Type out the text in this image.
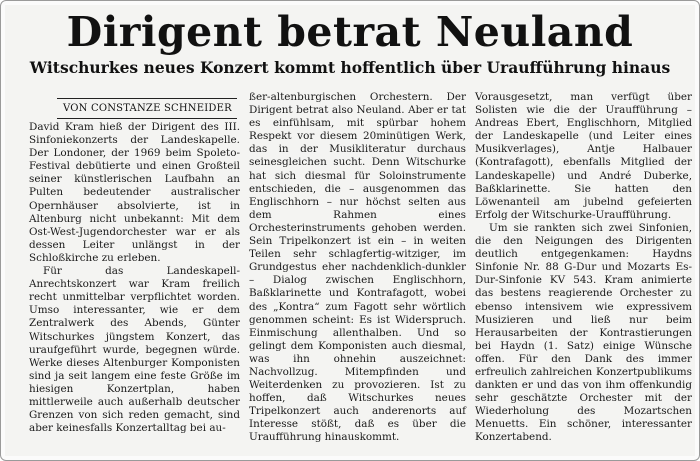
Dirigent betrat Neuland
Witschurkes neues Konzert kommt hoffentlich über Uraufführung hinaus
VON CONSTANZE SCHNEIDER

David Kram hieß der Dirigent des III. Sinfoniekonzerts der Landeskapelle. Der Londoner, der 1969 beim Spoleto-Festival debütierte und einen Großteil seiner künstlerischen Laufbahn an Pulten bedeutender australischer Opernhäuser absolvierte, ist in Altenburg nicht unbekannt: Mit dem Ost-West-Jugendorchester war er als dessen Leiter unlängst in der Schloßkirche zu erleben.

Für das Landeskapell-Anrechtskonzert war Kram freilich recht unmittelbar verpflichtet worden. Umso interessanter, wie er dem Zentralwerk des Abends, Günter Witschurkes jüngstem Konzert, das uraufgeführt wurde, begegnen würde. Werke dieses Altenburger Komponisten sind ja seit langem eine feste Größe im hiesigen Konzertplan, haben mittlerweile auch außerhalb deutscher Grenzen von sich reden gemacht, sind aber keinesfalls Konzertalltag bei au-

ßer-altenburgischen Orchestern. Der Dirigent betrat also Neuland. Aber er tat es einfühlsam, mit spürbar hohem Respekt vor diesem 20minütigen Werk, das in der Musikliteratur durchaus seinesgleichen sucht. Denn Witschurke hat sich diesmal für Soloinstrumente entschieden, die – ausgenommen das Englischhorn – nur höchst selten aus dem Rahmen eines Orchesterinstruments gehoben werden. Sein Tripelkonzert ist ein – in weiten Teilen sehr schlagfertig-witziger, im Grundgestus eher nachdenklich-dunkler – Dialog zwischen Englischhorn, Baßklarinette und Kontrafagott, wobei des „Kontra“ zum Fagott sehr wörtlich genommen scheint: Es ist Widerspruch. Einmischung allenthalben. Und so gelingt dem Komponisten auch diesmal, was ihn ohnehin auszeichnet: Nachvollzug. Mitempfinden und Weiterdenken zu provozieren. Ist zu hoffen, daß Witschurkes neues Tripelkonzert auch anderenorts auf Interesse stößt, daß es über die Uraufführung hinauskommt.

Vorausgesetzt, man verfügt über Solisten wie die der Uraufführung – Andreas Ebert, Englischhorn, Mitglied der Landeskapelle (und Leiter eines Musikverlages), Antje Halbauer (Kontrafagott), ebenfalls Mitglied der Landeskapelle) und André Duberke, Baßklarinette. Sie hatten den Löwenanteil am jubelnd gefeierten Erfolg der Witschurke-Uraufführung.

Um sie rankten sich zwei Sinfonien, die den Neigungen des Dirigenten deutlich entgegenkamen: Haydns Sinfonie Nr. 88 G-Dur und Mozarts Es-Dur-Sinfonie KV 543. Kram animierte das bestens reagierende Orchester zu ebenso intensivem wie expressivem Musizieren und ließ nur beim Herausarbeiten der Kontrastierungen bei Haydn (1. Satz) einige Wünsche offen. Für den Dank des immer erfreulich zahlreichen Konzertpublikums dankten er und das von ihm offenkundig sehr geschätzte Orchester mit der Wiederholung des Mozartschen Menuetts. Ein schöner, interessanter Konzertabend.
